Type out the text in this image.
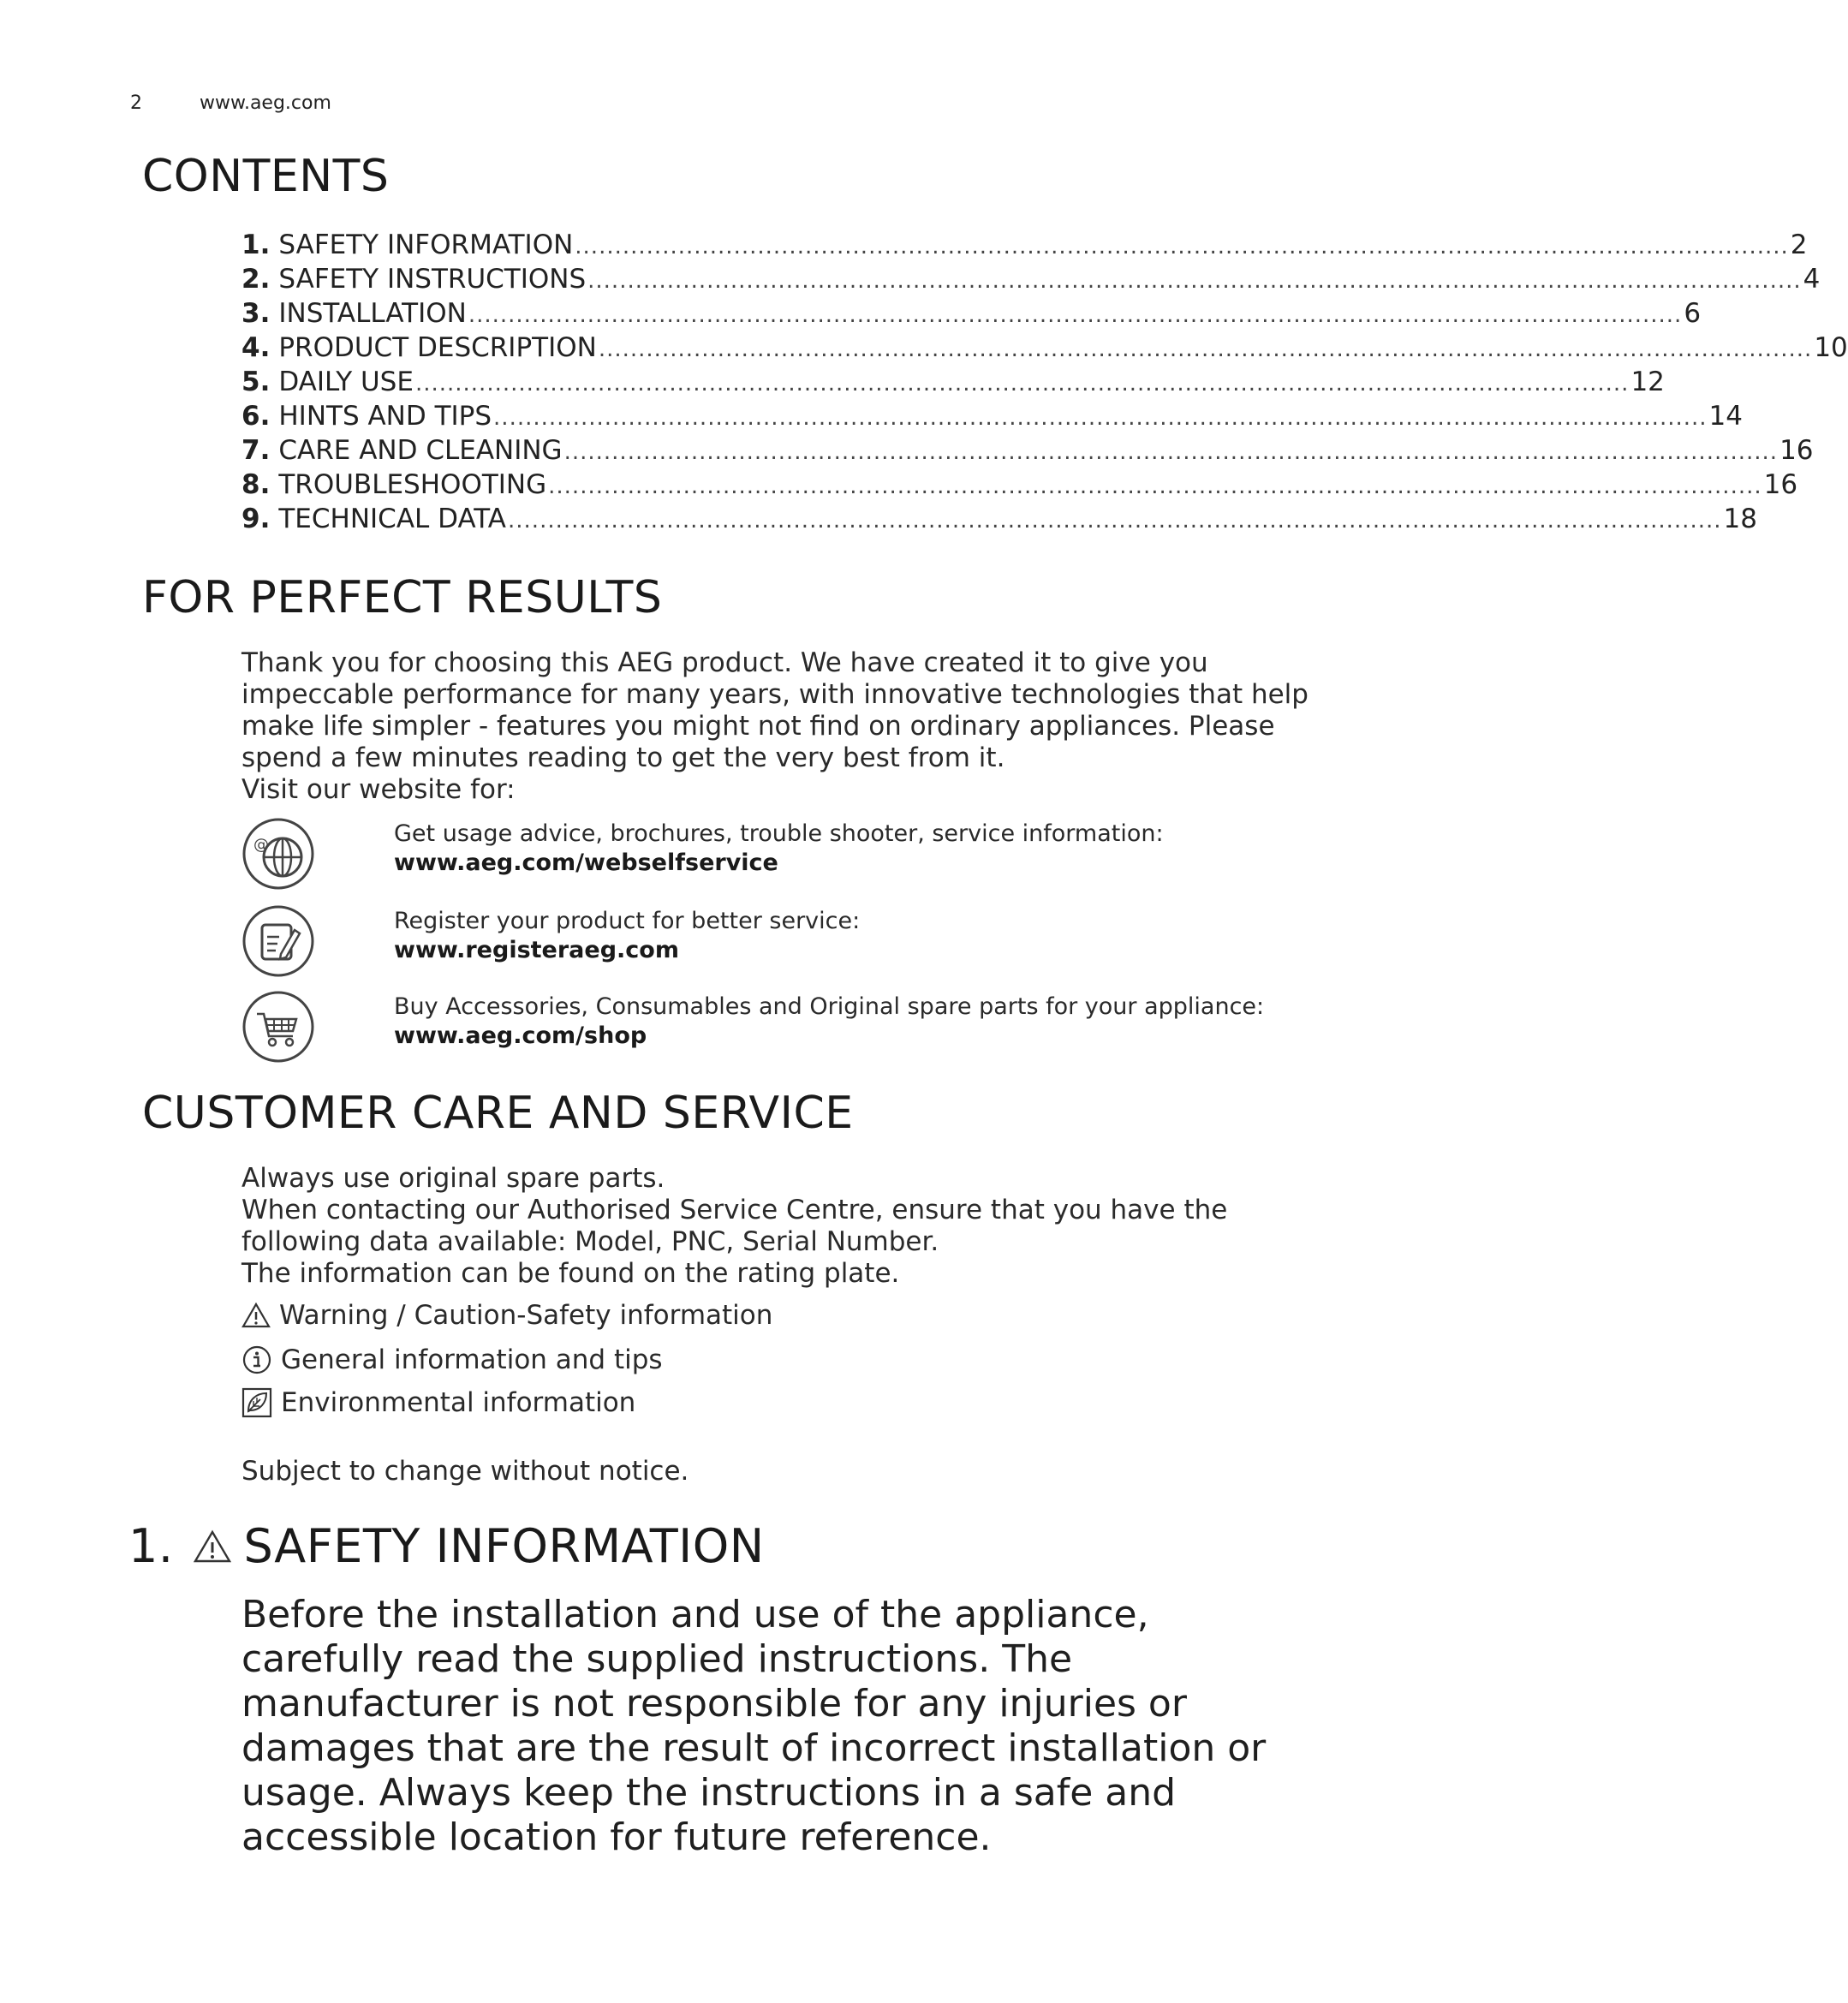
2	www.aeg.com
CONTENTS
1. SAFETY INFORMATION ......................................................................................................................................................... 2
2. SAFETY INSTRUCTIONS ......................................................................................................................................................... 4
3. INSTALLATION ......................................................................................................................................................... 6
4. PRODUCT DESCRIPTION ......................................................................................................................................................... 10
5. DAILY USE ......................................................................................................................................................... 12
6. HINTS AND TIPS ......................................................................................................................................................... 14
7. CARE AND CLEANING ......................................................................................................................................................... 16
8. TROUBLESHOOTING ......................................................................................................................................................... 16
9. TECHNICAL DATA ......................................................................................................................................................... 18
FOR PERFECT RESULTS

Thank you for choosing this AEG product. We have created it to give you
impeccable performance for many years, with innovative technologies that help
make life simpler - features you might not find on ordinary appliances. Please
spend a few minutes reading to get the very best from it.
Visit our website for:

@	Get usage advice, brochures, trouble shooter, service information:
www.aeg.com/webselfservice
Register your product for better service:
www.registeraeg.com
Buy Accessories, Consumables and Original spare parts for your appliance:
www.aeg.com/shop
CUSTOMER CARE AND SERVICE

Always use original spare parts.
When contacting our Authorised Service Centre, ensure that you have the
following data available: Model, PNC, Serial Number.
The information can be found on the rating plate.

Warning / Caution-Safety information
General information and tips
Environmental information

Subject to change without notice.

1. SAFETY INFORMATION

Before the installation and use of the appliance,
carefully read the supplied instructions. The
manufacturer is not responsible for any injuries or
damages that are the result of incorrect installation or
usage. Always keep the instructions in a safe and
accessible location for future reference.
